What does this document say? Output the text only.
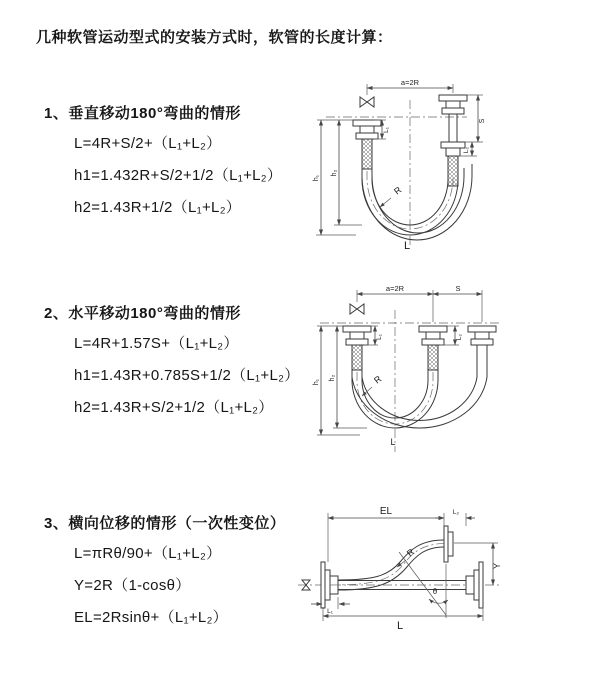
几种软管运动型式的安装方式时，软管的长度计算：
1、垂直移动180°弯曲的情形
L=4R+S/2+（L₁+L₂）
h1=1.432R+S/2+1/2（L₁+L₂）
h2=1.43R+1/2（L₁+L₂）
2、水平移动180°弯曲的情形
L=4R+1.57S+（L₁+L₂）
h1=1.43R+0.785S+1/2（L₁+L₂）
h2=1.43R+S/2+1/2（L₁+L₂）
3、横向位移的情形（一次性变位）
L=πRθ/90+（L₁+L₂）
Y=2R（1-cosθ）
EL=2Rsinθ+（L₁+L₂）
a=2R
h₁
h₂
S
L₂
L₁
R
L
a=2R	S
h₁
h₂
L₁	L₂
R
L
θ
R
EL	L₂
Y
L
L₁
